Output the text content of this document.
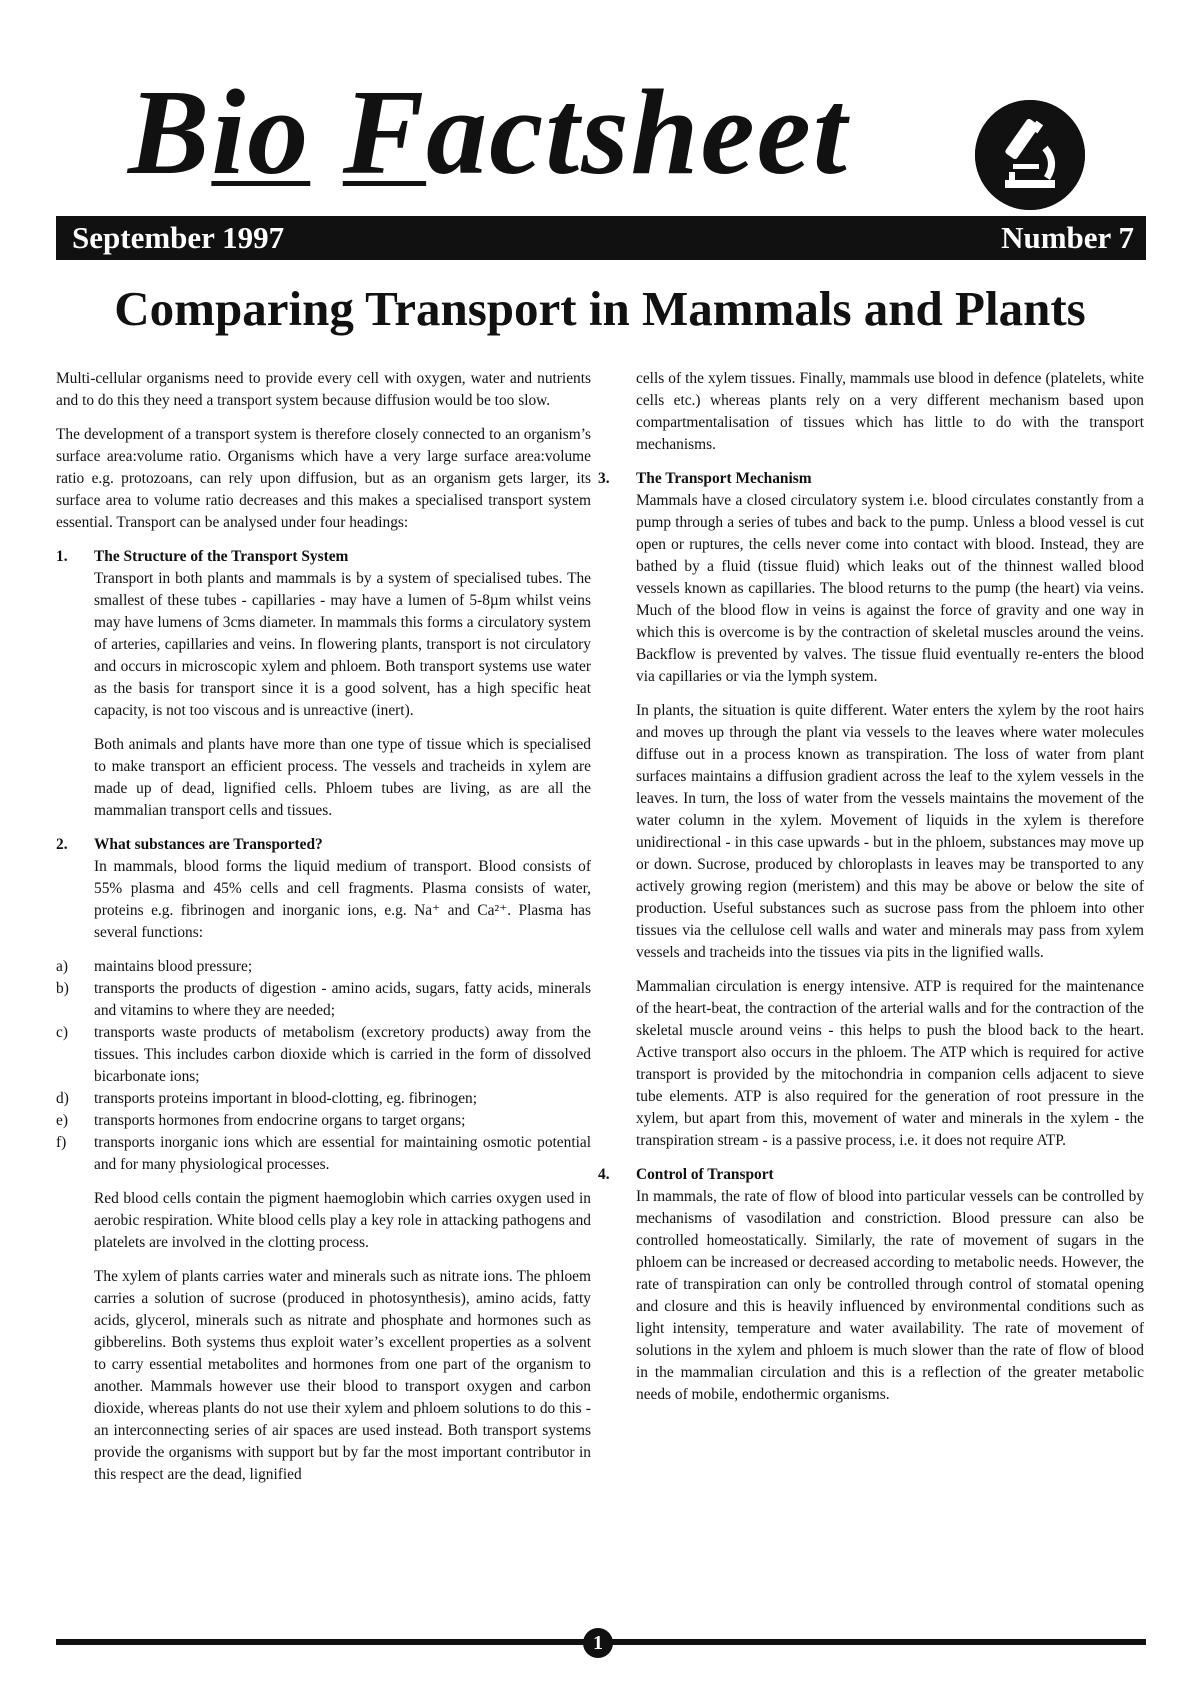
Bio Factsheet
September 1997	Number 7
Comparing Transport in Mammals and Plants

Multi-cellular organisms need to provide every cell with oxygen, water and nutrients and to do this they need a transport system because diffusion would be too slow.

The development of a transport system is therefore closely connected to an organism’s surface area:volume ratio. Organisms which have a very large surface area:volume ratio e.g. protozoans, can rely upon diffusion, but as an organism gets larger, its surface area to volume ratio decreases and this makes a specialised transport system essential. Transport can be analysed under four headings:

1. The Structure of the Transport System

Transport in both plants and mammals is by a system of specialised tubes. The smallest of these tubes - capillaries - may have a lumen of 5-8µm whilst veins may have lumens of 3cms diameter. In mammals this forms a circulatory system of arteries, capillaries and veins. In flowering plants, transport is not circulatory and occurs in microscopic xylem and phloem. Both transport systems use water as the basis for transport since it is a good solvent, has a high specific heat capacity, is not too viscous and is unreactive (inert).

Both animals and plants have more than one type of tissue which is specialised to make transport an efficient process. The vessels and tracheids in xylem are made up of dead, lignified cells. Phloem tubes are living, as are all the mammalian transport cells and tissues.

2. What substances are Transported?

In mammals, blood forms the liquid medium of transport. Blood consists of 55% plasma and 45% cells and cell fragments. Plasma consists of water, proteins e.g. fibrinogen and inorganic ions, e.g. Na⁺ and Ca²⁺. Plasma has several functions:

a) maintains blood pressure;
b) transports the products of digestion - amino acids, sugars, fatty acids, minerals and vitamins to where they are needed;
c) transports waste products of metabolism (excretory products) away from the tissues. This includes carbon dioxide which is carried in the form of dissolved bicarbonate ions;
d) transports proteins important in blood-clotting, eg. fibrinogen;
e) transports hormones from endocrine organs to target organs;
f) transports inorganic ions which are essential for maintaining osmotic potential and for many physiological processes.

Red blood cells contain the pigment haemoglobin which carries oxygen used in aerobic respiration. White blood cells play a key role in attacking pathogens and platelets are involved in the clotting process.

The xylem of plants carries water and minerals such as nitrate ions. The phloem carries a solution of sucrose (produced in photosynthesis), amino acids, fatty acids, glycerol, minerals such as nitrate and phosphate and hormones such as gibberelins. Both systems thus exploit water’s excellent properties as a solvent to carry essential metabolites and hormones from one part of the organism to another. Mammals however use their blood to transport oxygen and carbon dioxide, whereas plants do not use their xylem and phloem solutions to do this - an interconnecting series of air spaces are used instead. Both transport systems provide the organisms with support but by far the most important contributor in this respect are the dead, lignified

cells of the xylem tissues. Finally, mammals use blood in defence (platelets, white cells etc.) whereas plants rely on a very different mechanism based upon compartmentalisation of tissues which has little to do with the transport mechanisms.

3. The Transport Mechanism

Mammals have a closed circulatory system i.e. blood circulates constantly from a pump through a series of tubes and back to the pump. Unless a blood vessel is cut open or ruptures, the cells never come into contact with blood. Instead, they are bathed by a fluid (tissue fluid) which leaks out of the thinnest walled blood vessels known as capillaries. The blood returns to the pump (the heart) via veins. Much of the blood flow in veins is against the force of gravity and one way in which this is overcome is by the contraction of skeletal muscles around the veins. Backflow is prevented by valves. The tissue fluid eventually re-enters the blood via capillaries or via the lymph system.

In plants, the situation is quite different. Water enters the xylem by the root hairs and moves up through the plant via vessels to the leaves where water molecules diffuse out in a process known as transpiration. The loss of water from plant surfaces maintains a diffusion gradient across the leaf to the xylem vessels in the leaves. In turn, the loss of water from the vessels maintains the movement of the water column in the xylem. Movement of liquids in the xylem is therefore unidirectional - in this case upwards - but in the phloem, substances may move up or down. Sucrose, produced by chloroplasts in leaves may be transported to any actively growing region (meristem) and this may be above or below the site of production. Useful substances such as sucrose pass from the phloem into other tissues via the cellulose cell walls and water and minerals may pass from xylem vessels and tracheids into the tissues via pits in the lignified walls.

Mammalian circulation is energy intensive. ATP is required for the maintenance of the heart-beat, the contraction of the arterial walls and for the contraction of the skeletal muscle around veins - this helps to push the blood back to the heart. Active transport also occurs in the phloem. The ATP which is required for active transport is provided by the mitochondria in companion cells adjacent to sieve tube elements. ATP is also required for the generation of root pressure in the xylem, but apart from this, movement of water and minerals in the xylem - the transpiration stream - is a passive process, i.e. it does not require ATP.

4. Control of Transport

In mammals, the rate of flow of blood into particular vessels can be controlled by mechanisms of vasodilation and constriction. Blood pressure can also be controlled homeostatically. Similarly, the rate of movement of sugars in the phloem can be increased or decreased according to metabolic needs. However, the rate of transpiration can only be controlled through control of stomatal opening and closure and this is heavily influenced by environmental conditions such as light intensity, temperature and water availability. The rate of movement of solutions in the xylem and phloem is much slower than the rate of flow of blood in the mammalian circulation and this is a reflection of the greater metabolic needs of mobile, endothermic organisms.

1
